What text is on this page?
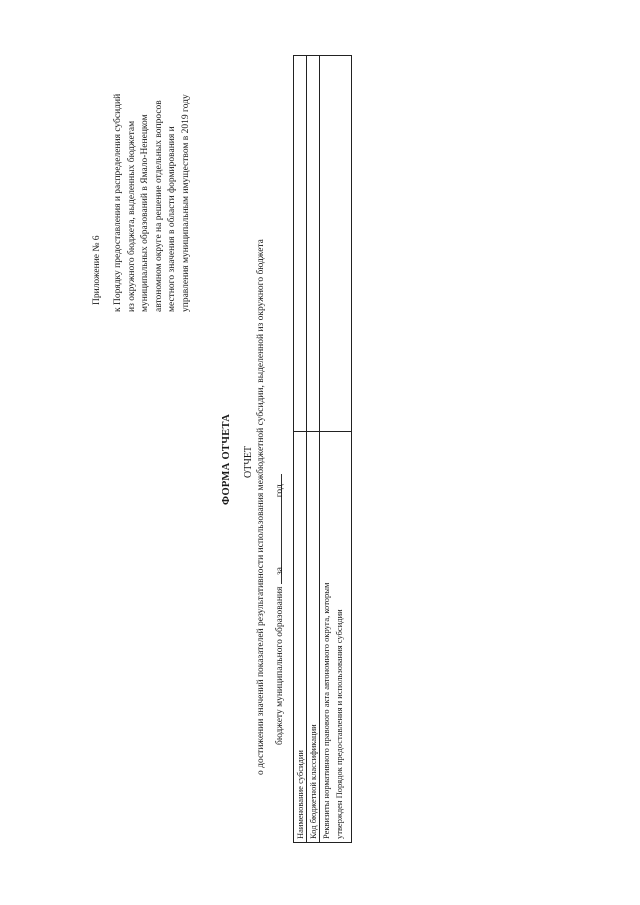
Приложение № 6 к Порядку предоставления и распределения субсидий из окружного бюджета, выделенных бюджетам муниципальных образований в Ямало-Ненецком автономном округе на решение отдельных вопросов местного значения в области формирования и управления муниципальным имуществом в 2019 году
ФОРМА ОТЧЕТА ОТЧЕТ о достижении значений показателей результативности использования межбюджетной субсидии, выделенной из окружного бюджета бюджету муниципального образования
за  год
Наименование субсидии Код бюджетной классификации Реквизиты нормативного правового акта автономного округа, которым утвержден Порядок предоставления и использования субсидии
